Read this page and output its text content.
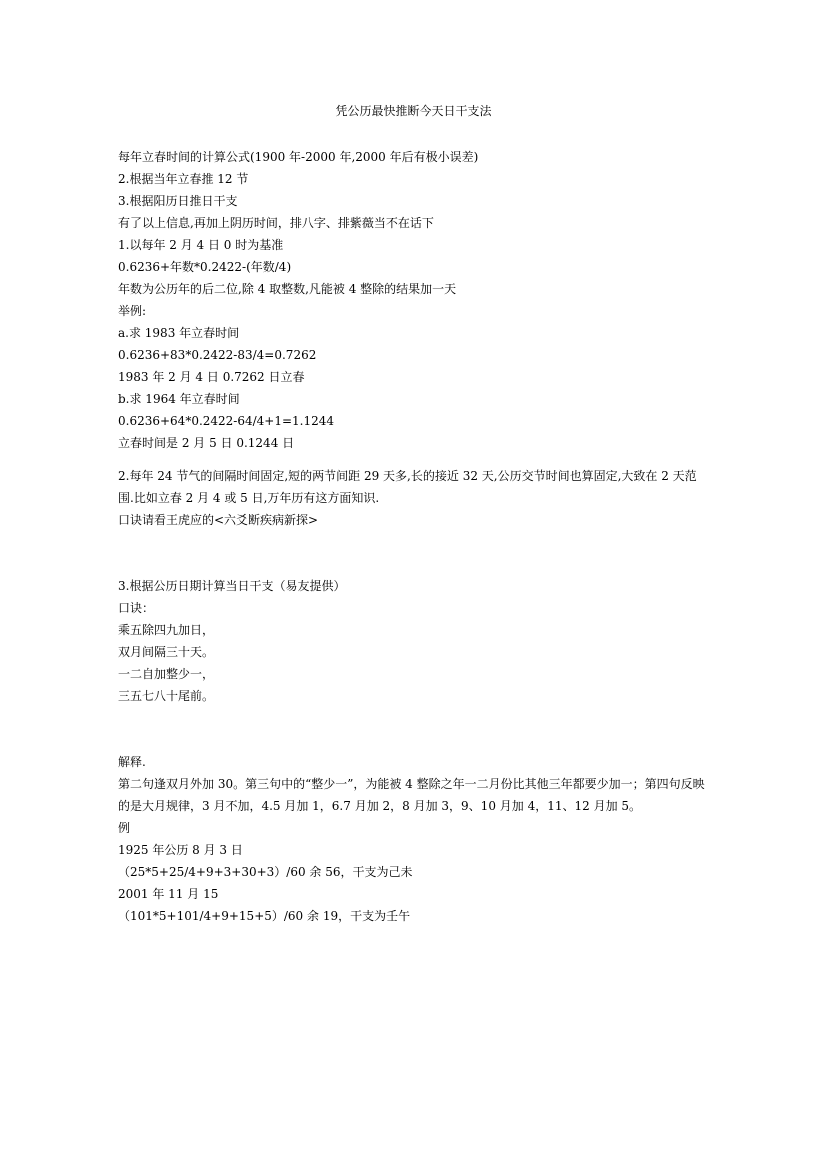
凭公历最快推断今天日干支法

每年立春时间的计算公式(1900 年-2000 年,2000 年后有极小误差)

2.根据当年立春推 12 节

3.根据阳历日推日干支

有了以上信息,再加上阴历时间，排八字、排紫薇当不在话下

1.以每年 2 月 4 日 0 时为基准

0.6236+年数*0.2422-(年数/4)

年数为公历年的后二位,除 4 取整数,凡能被 4 整除的结果加一天

举例:

a.求 1983 年立春时间

0.6236+83*0.2422-83/4=0.7262

1983 年 2 月 4 日 0.7262 日立春

b.求 1964 年立春时间

0.6236+64*0.2422-64/4+1=1.1244

立春时间是 2 月 5 日 0.1244 日

2.每年 24 节气的间隔时间固定,短的两节间距 29 天多,长的接近 32 天,公历交节时间也算固定,大致在 2 天范围.比如立春 2 月 4 或 5 日,万年历有这方面知识.

口诀请看王虎应的<六爻断疾病新探>

3.根据公历日期计算当日干支（易友提供）

口诀：

乘五除四九加日，

双月间隔三十天。

一二自加整少一，

三五七八十尾前。

解释.

第二句逢双月外加 30。第三句中的“整少一”，为能被 4 整除之年一二月份比其他三年都要少加一；第四句反映的是大月规律，3 月不加，4.5 月加 1，6.7 月加 2，8 月加 3，9、10 月加 4，11、12 月加 5。

例

1925 年公历 8 月 3 日

（25*5+25/4+9+3+30+3）/60 余 56，干支为己未

2001 年 11 月 15

（101*5+101/4+9+15+5）/60 余 19，干支为壬午
